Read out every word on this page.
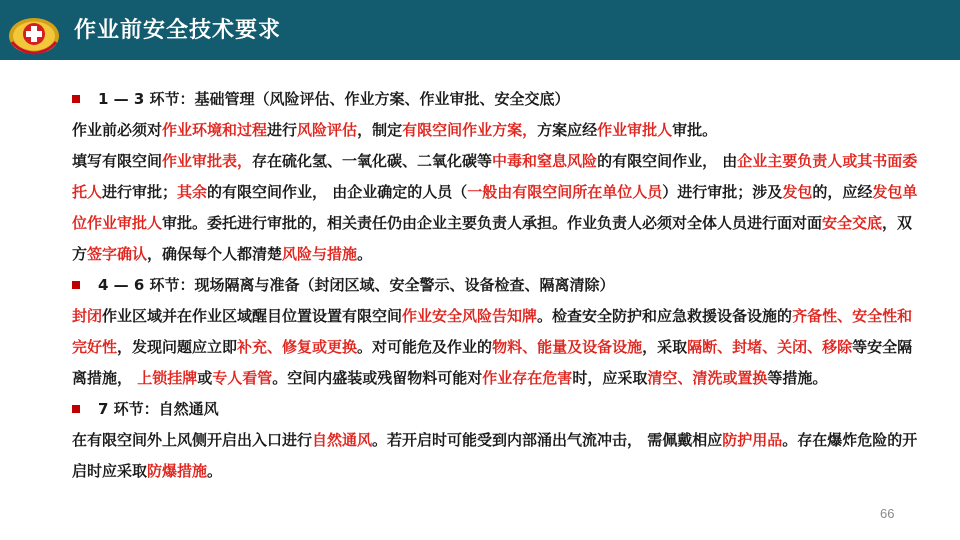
作业前安全技术要求
1 — 3 环节：基础管理（风险评估、作业方案、作业审批、安全交底）
作业前必须对作业环境和过程进行风险评估，制定有限空间作业方案，方案应经作业审批人审批。
填写有限空间作业审批表，存在硫化氢、一氧化碳、二氧化碳等中毒和窒息风险的有限空间作业， 由企业主要负责人或其书面委托人进行审批；其余的有限空间作业， 由企业确定的人员（一般由有限空间所在单位人员）进行审批；涉及发包的，应经发包单位作业审批人审批。委托进行审批的，相关责任仍由企业主要负责人承担。作业负责人必须对全体人员进行面对面安全交底，双方签字确认，确保每个人都清楚风险与措施。
4 — 6 环节：现场隔离与准备（封闭区域、安全警示、设备检查、隔离清除）
封闭作业区域并在作业区域醒目位置设置有限空间作业安全风险告知牌。检查安全防护和应急救援设备设施的齐备性、安全性和完好性，发现问题应立即补充、修复或更换。对可能危及作业的物料、能量及设备设施，采取隔断、封堵、关闭、移除等安全隔离措施， 上锁挂牌或专人看管。空间内盛装或残留物料可能对作业存在危害时，应采取清空、清洗或置换等措施。
7 环节：自然通风
在有限空间外上风侧开启出入口进行自然通风。若开启时可能受到内部涌出气流冲击， 需佩戴相应防护用品。存在爆炸危险的开启时应采取防爆措施。
66
